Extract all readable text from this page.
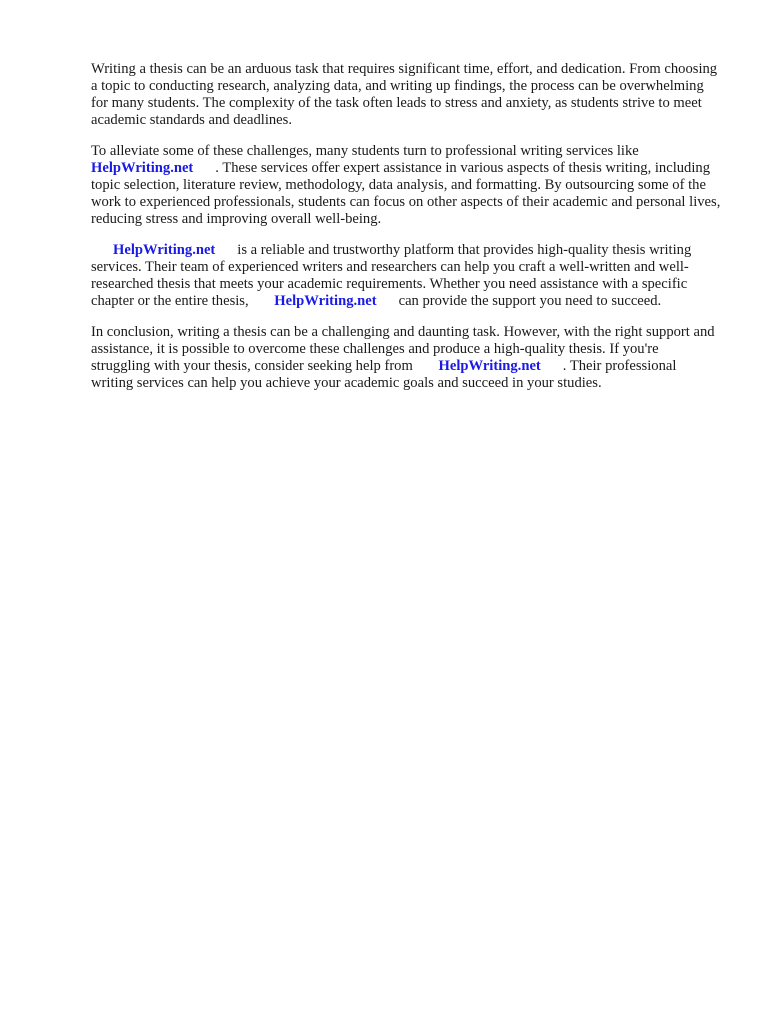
Writing a thesis can be an arduous task that requires significant time, effort, and dedication. From choosing a topic to conducting research, analyzing data, and writing up findings, the process can be overwhelming for many students. The complexity of the task often leads to stress and anxiety, as students strive to meet academic standards and deadlines.

To alleviate some of these challenges, many students turn to professional writing services like
HelpWriting.net . These services offer expert assistance in various aspects of thesis writing, including topic selection, literature review, methodology, data analysis, and formatting. By outsourcing some of the work to experienced professionals, students can focus on other aspects of their academic and personal lives, reducing stress and improving overall well-being.

HelpWriting.net is a reliable and trustworthy platform that provides high-quality thesis writing services. Their team of experienced writers and researchers can help you craft a well-written and well-researched thesis that meets your academic requirements. Whether you need assistance with a specific chapter or the entire thesis, HelpWriting.net can provide the support you need to succeed.

In conclusion, writing a thesis can be a challenging and daunting task. However, with the right support and assistance, it is possible to overcome these challenges and produce a high-quality thesis. If you're struggling with your thesis, consider seeking help from HelpWriting.net . Their professional writing services can help you achieve your academic goals and succeed in your studies.
